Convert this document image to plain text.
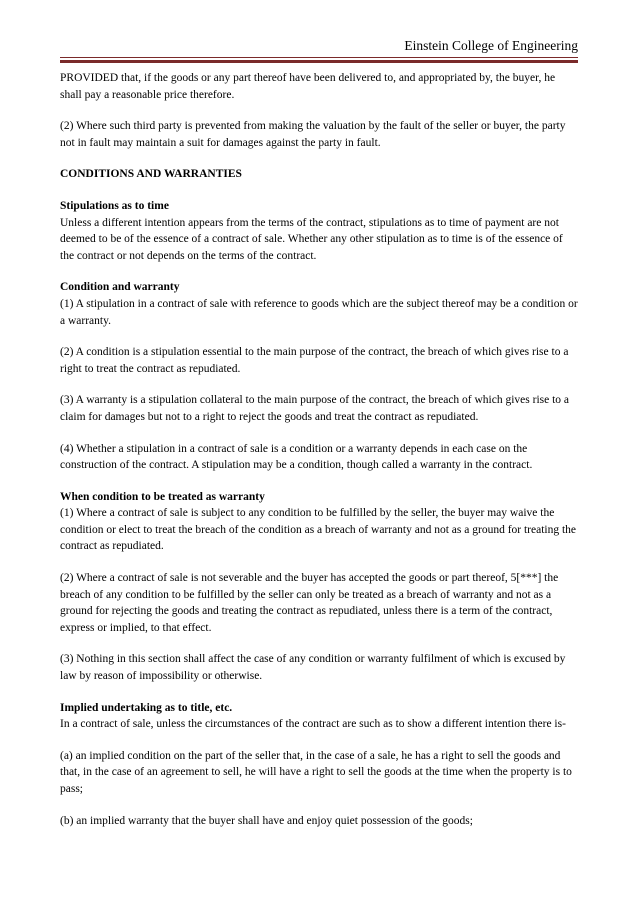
Einstein College of Engineering

PROVIDED that, if the goods or any part thereof have been delivered to, and appropriated by, the buyer, he shall pay a reasonable price therefore.

(2) Where such third party is prevented from making the valuation by the fault of the seller or buyer, the party not in fault may maintain a suit for damages against the party in fault.

CONDITIONS AND WARRANTIES
Stipulations as to time

Unless a different intention appears from the terms of the contract, stipulations as to time of payment are not deemed to be of the essence of a contract of sale. Whether any other stipulation as to time is of the essence of the contract or not depends on the terms of the contract.

Condition and warranty

(1) A stipulation in a contract of sale with reference to goods which are the subject thereof may be a condition or a warranty.

(2) A condition is a stipulation essential to the main purpose of the contract, the breach of which gives rise to a right to treat the contract as repudiated.

(3) A warranty is a stipulation collateral to the main purpose of the contract, the breach of which gives rise to a claim for damages but not to a right to reject the goods and treat the contract as repudiated.

(4) Whether a stipulation in a contract of sale is a condition or a warranty depends in each case on the construction of the contract. A stipulation may be a condition, though called a warranty in the contract.

When condition to be treated as warranty

(1) Where a contract of sale is subject to any condition to be fulfilled by the seller, the buyer may waive the condition or elect to treat the breach of the condition as a breach of warranty and not as a ground for treating the contract as repudiated.

(2) Where a contract of sale is not severable and the buyer has accepted the goods or part thereof, 5[***] the breach of any condition to be fulfilled by the seller can only be treated as a breach of warranty and not as a ground for rejecting the goods and treating the contract as repudiated, unless there is a term of the contract, express or implied, to that effect.

(3) Nothing in this section shall affect the case of any condition or warranty fulfilment of which is excused by law by reason of impossibility or otherwise.

Implied undertaking as to title, etc.

In a contract of sale, unless the circumstances of the contract are such as to show a different intention there is-

(a) an implied condition on the part of the seller that, in the case of a sale, he has a right to sell the goods and that, in the case of an agreement to sell, he will have a right to sell the goods at the time when the property is to pass;

(b) an implied warranty that the buyer shall have and enjoy quiet possession of the goods;
